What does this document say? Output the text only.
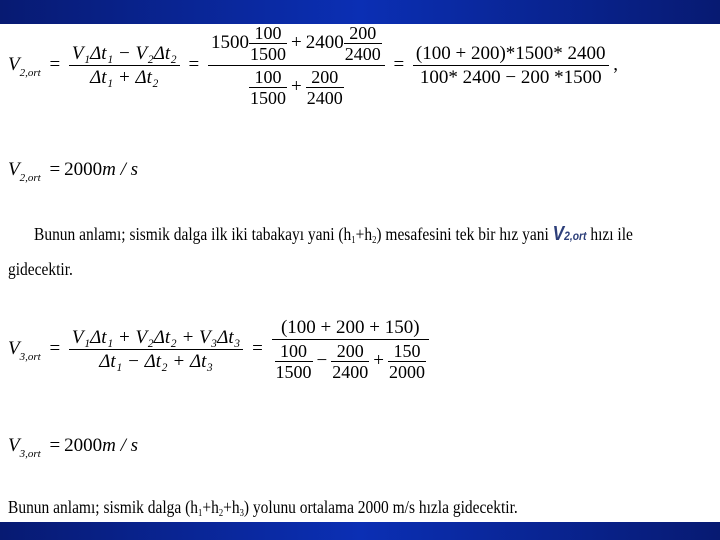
$V_{2,ort} = \frac{\text{V₁Δt₁ − V₂Δt₂}}{\text{Δt₁ + Δt₂}} = \frac{1500 \frac{100}{1500} + 2400 \frac{200}{2400}}{\frac{100}{1500} + \frac{200}{2400}} = \frac{(100 + 200)*1500* 2400}{100* 2400 - 200 *1500}$ ,
$V_{2,ort} = 2000m / s$
Bunun anlamı; sismik dalga ilk iki tabakayı yani (h1+h2) mesafesini tek bir hız yani V2,ort hızı ile
gidecektir.
$V_{3,ort} = \frac{\text{V₁Δt₁ + V₂Δt₂ + V₃Δt₃}}{\text{Δt₁ − Δt₂ + Δt₃}} = \frac{(100 + 200 + 150)}{\frac{100}{1500} - \frac{200}{2400} + \frac{150}{2000}}$
$V_{3,ort} = 2000m / s$
Bunun anlamı; sismik dalga (h1+h2+h3) yolunu ortalama 2000 m/s hızla gidecektir.
